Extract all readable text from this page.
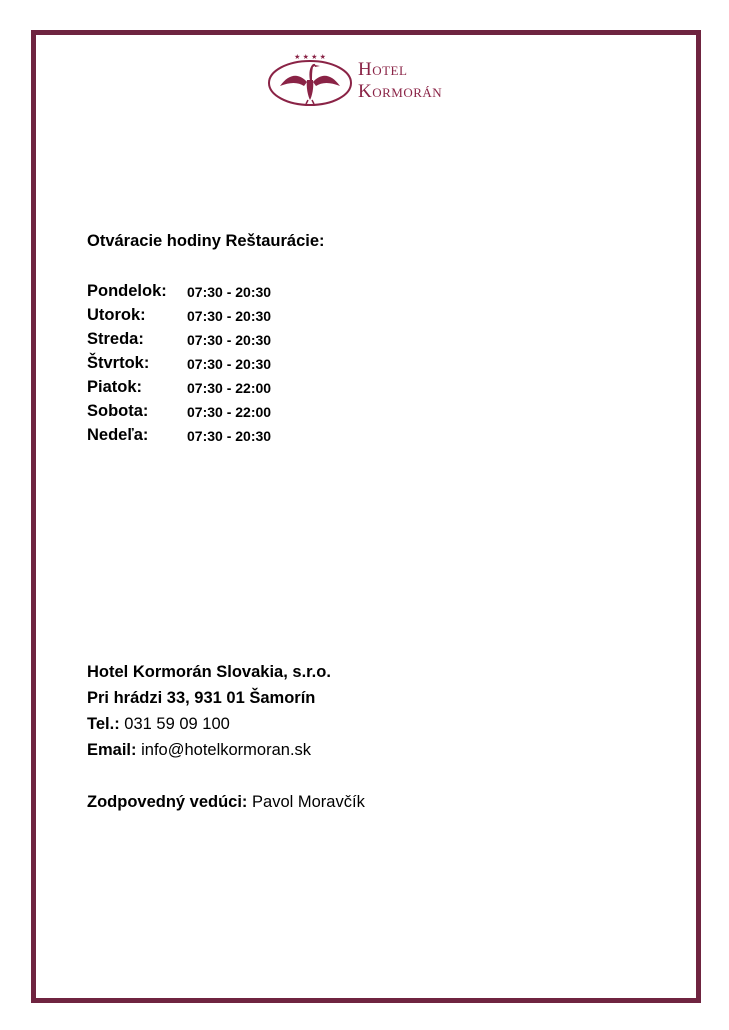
★ ★ ★ ★
Hotel
Kormorán
Otváracie hodiny Reštaurácie:
Pondelok: 07:30 - 20:30
Utorok:	07:30 - 20:30
Streda:	07:30 - 20:30
Štvrtok:	07:30 - 20:30
Piatok:	07:30 - 22:00
Sobota:	07:30 - 22:00
Nedeľa:	07:30 - 20:30
Hotel Kormorán Slovakia, s.r.o.
Pri hrádzi 33, 931 01 Šamorín
Tel.: 031 59 09 100
Email: info@hotelkormoran.sk
Zodpovedný vedúci: Pavol Moravčík
